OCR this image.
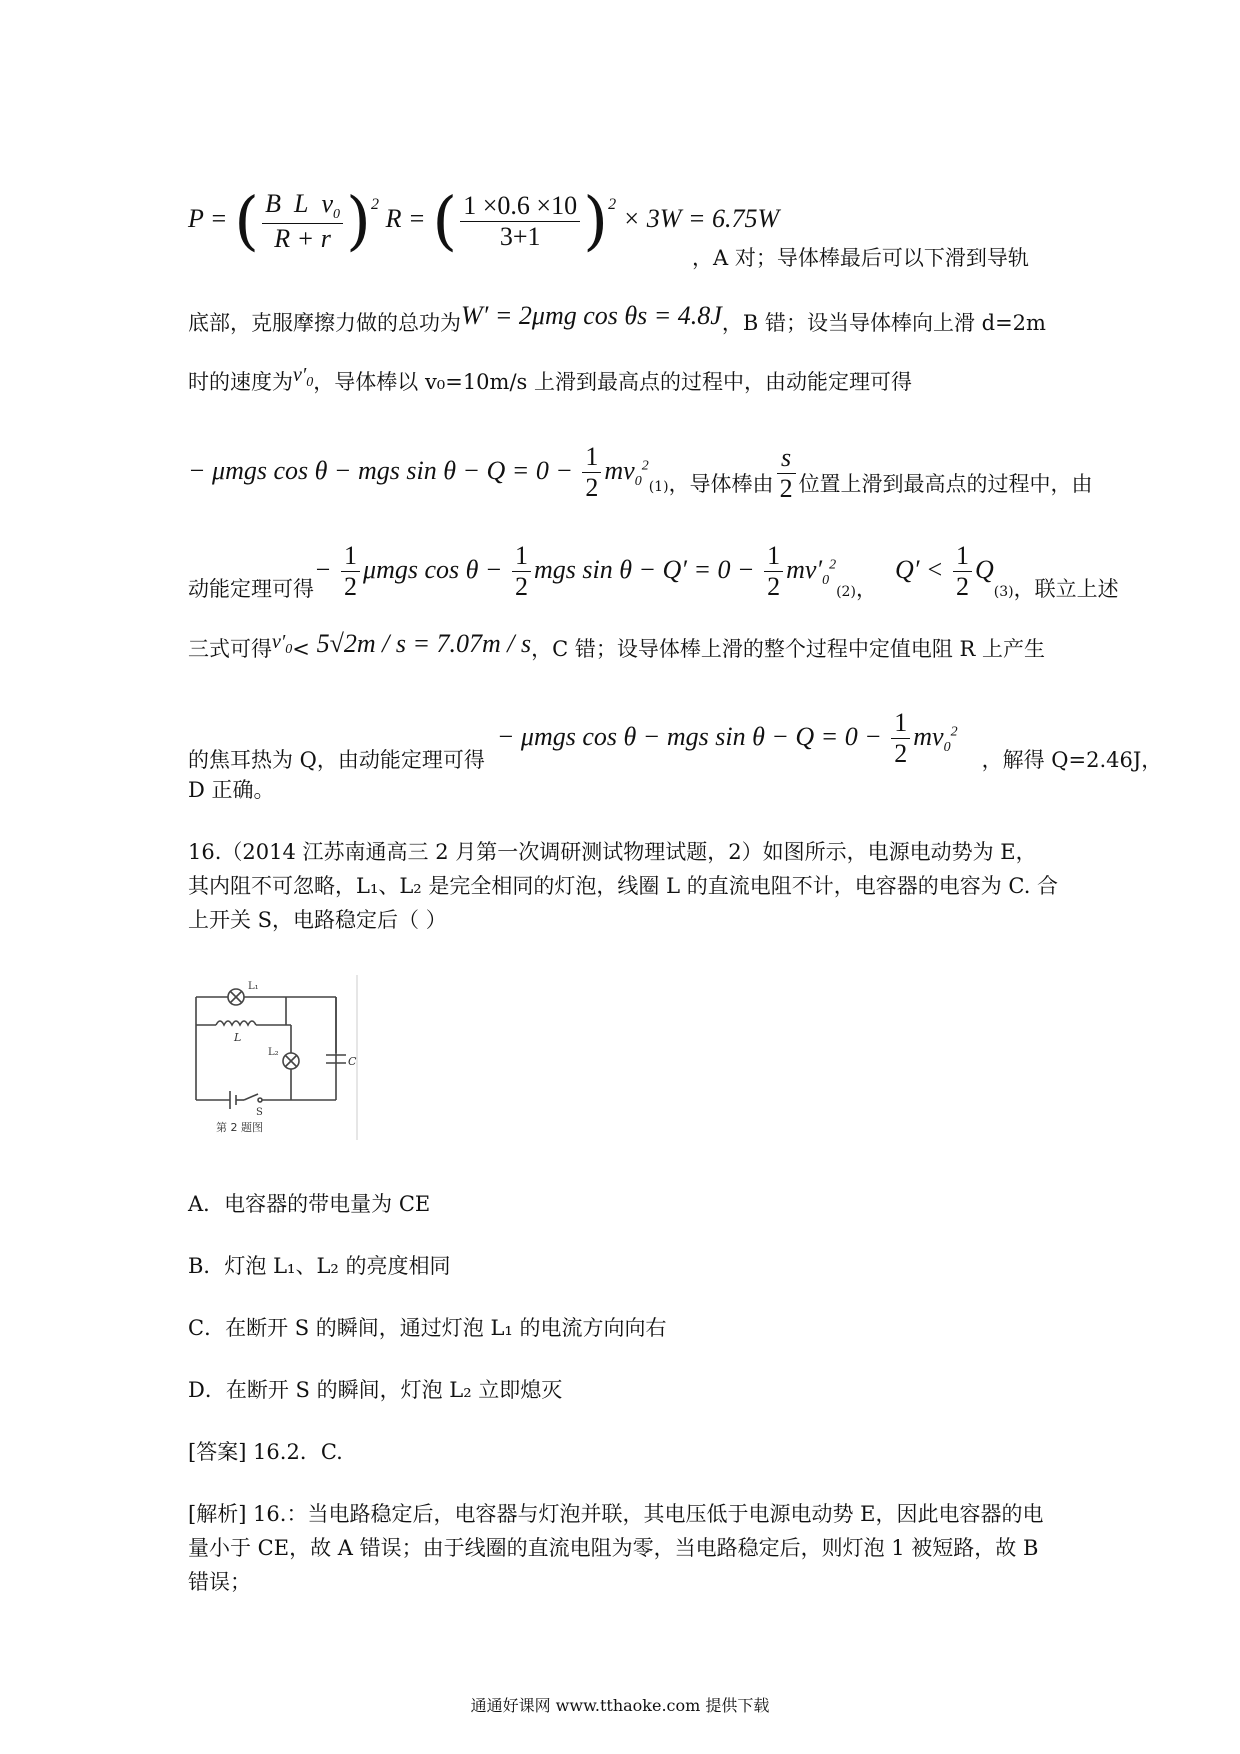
P = ( $\frac{B L v_0}{R + r} )^2$ R = ( $\frac{1 \times 0.6 \times 10}{3+1} )^2 \times 3W = 6.75W$
，A 对；导体棒最后可以下滑到导轨
底部，克服摩擦力做的总功为W′ = 2μmg cos θs = 4.8J，B 错；设当导体棒向上滑 d=2m
时的速度为$v'_0$，导体棒以 v₀=10m/s 上滑到最高点的过程中，由动能定理可得
− μmgs cos θ − mgs $\sin \theta - Q = 0 - \frac{1}{2} mv_0^2_{(1)}$，导体棒由 $\frac{s}{2}$ 位置上滑到最高点的过程中，由
动能定理可得− $\frac{1}{2}$ μmgs $\cos \theta - \frac{1}{2}$ mgs $\sin \theta - Q' = 0 - \frac{1}{2} mv'_0^2_{(2)}$，$Q' < \frac{1}{2} Q_{(3)}$，联立上述
三式可得$v'_0< 5√2m / s = 7.07m / s$，C 错；设导体棒上滑的整个过程中定值电阻 R 上产生
的焦耳热为 Q，由动能定理可得− μmgs cos θ − mgs $\sin \theta - Q = 0 - \frac{1}{2} mv_0^2$，解得 Q=2.46J，
D 正确。
16.（2014 江苏南通高三 2 月第一次调研测试物理试题，2）如图所示，电源电动势为 E，
其内阻不可忽略，L₁、L₂ 是完全相同的灯泡，线圈 L 的直流电阻不计，电容器的电容为 C. 合
上开关 S，电路稳定后（ ）
L₁
L
L₂
C
S
第 2 题图
A．电容器的带电量为 CE
B．灯泡 L₁、L₂ 的亮度相同
C．在断开 S 的瞬间，通过灯泡 L₁ 的电流方向向右
D．在断开 S 的瞬间，灯泡 L₂ 立即熄灭
[答案] 16.2．C.
[解析] 16.：当电路稳定后，电容器与灯泡并联，其电压低于电源电动势 E，因此电容器的电
量小于 CE，故 A 错误；由于线圈的直流电阻为零，当电路稳定后，则灯泡 1 被短路，故 B
错误；
通通好课网 www.tthaoke.com 提供下载
